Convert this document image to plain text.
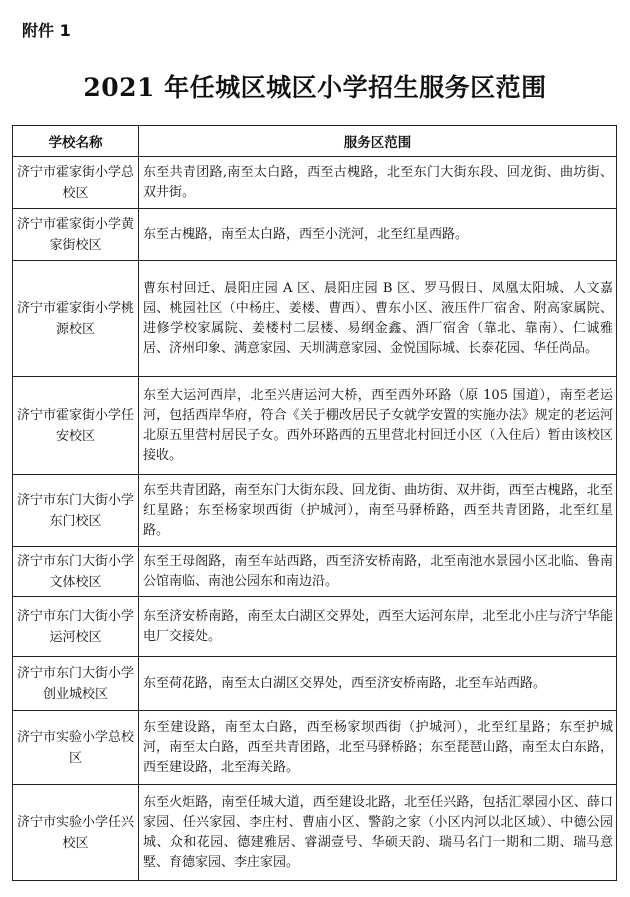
附件 1
2021 年任城区城区小学招生服务区范围
学校名称	服务区范围
济宁市霍家街小学总校区	东至共青团路,南至太白路，西至古槐路，北至东门大街东段、回龙街、曲坊街、双井街。
济宁市霍家街小学黄家街校区	东至古槐路，南至太白路，西至小洸河，北至红星西路。
济宁市霍家街小学桃源校区	曹东村回迁、晨阳庄园 A 区、晨阳庄园 B 区、罗马假日、凤凰太阳城、人文嘉园、桃园社区（中杨庄、姜楼、曹西）、曹东小区、液压件厂宿舍、附高家属院、进修学校家属院、姜楼村二层楼、易纲金鑫、酒厂宿舍（靠北、靠南）、仁诚雅居、济州印象、满意家园、天圳满意家园、金悦国际城、长泰花园、华任尚品。
济宁市霍家街小学任安校区	东至大运河西岸，北至兴唐运河大桥，西至西外环路（原 105 国道），南至老运河，包括西岸华府，符合《关于棚改居民子女就学安置的实施办法》规定的老运河北原五里营村居民子女。西外环路西的五里营北村回迁小区（入住后）暂由该校区接收。
济宁市东门大街小学东门校区	东至共青团路，南至东门大街东段、回龙街、曲坊街、双井街，西至古槐路，北至红星路；东至杨家坝西街（护城河），南至马驿桥路，西至共青团路，北至红星路。
济宁市东门大街小学文体校区	东至王母阁路，南至车站西路，西至济安桥南路，北至南池水景园小区北临、鲁南公馆南临、南池公园东和南边沿。
济宁市东门大街小学运河校区	东至济安桥南路，南至太白湖区交界处，西至大运河东岸，北至北小庄与济宁华能电厂交接处。
济宁市东门大街小学创业城校区	东至荷花路，南至太白湖区交界处，西至济安桥南路，北至车站西路。
济宁市实验小学总校区	东至建设路，南至太白路，西至杨家坝西街（护城河），北至红星路；东至护城河，南至太白路，西至共青团路，北至马驿桥路；东至琵琶山路，南至太白东路，西至建设路，北至海关路。
济宁市实验小学任兴校区	东至火炬路，南至任城大道，西至建设北路，北至任兴路，包括汇翠园小区、薛口家园、任兴家园、李庄村、曹庙小区、警韵之家（小区内河以北区域）、中德公园城、众和花园、德建雅居、睿湖壹号、华硕天韵、瑞马名门一期和二期、瑞马意墅、育德家园、李庄家园。
